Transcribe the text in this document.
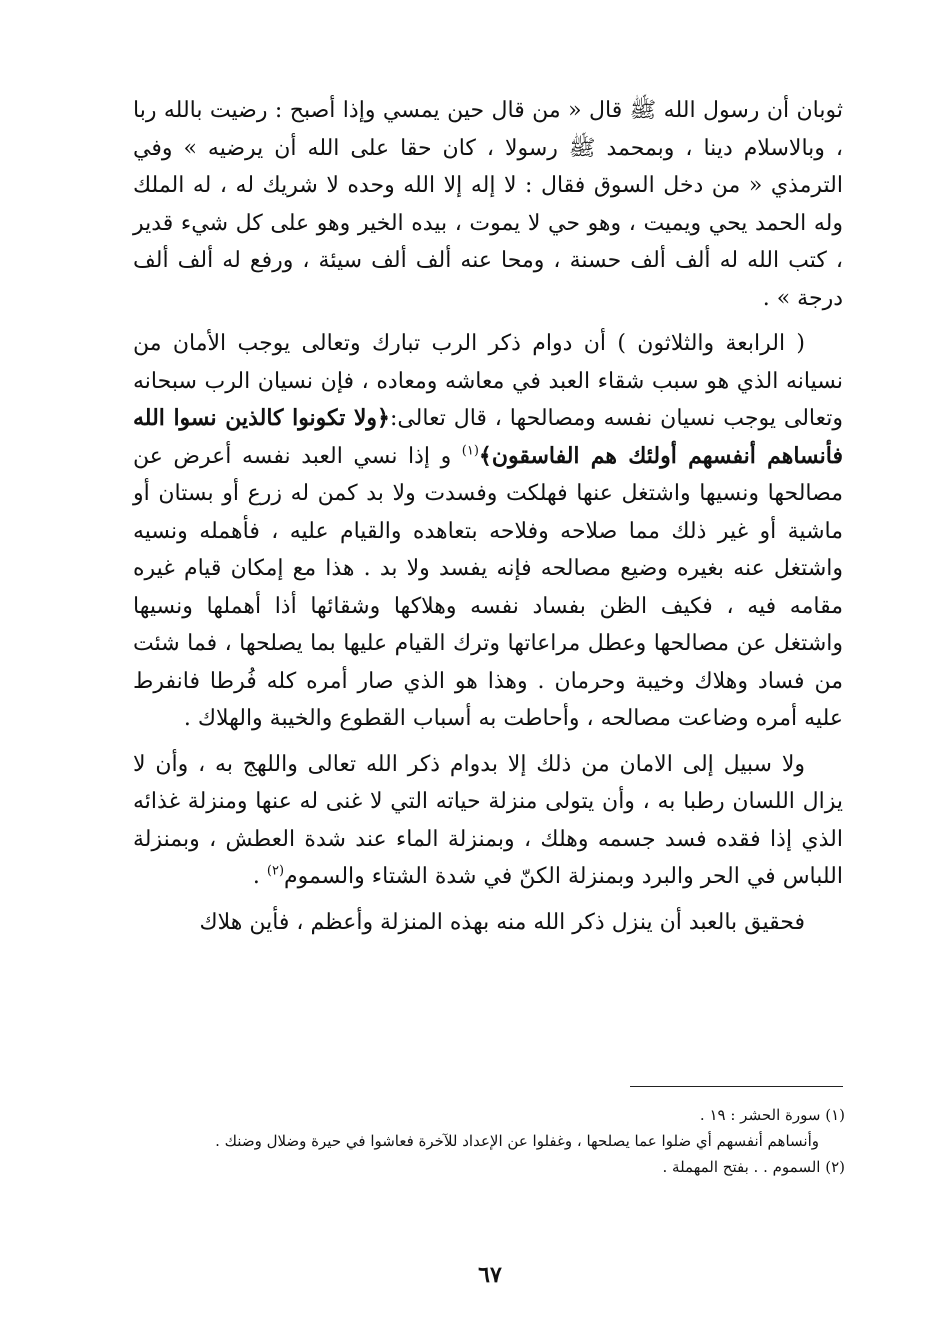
ثوبان أن رسول الله ﷺ قال « من قال حين يمسي وإذا أصبح : رضيت بالله ربا ، وبالاسلام دينا ، وبمحمد ﷺ رسولا ، كان حقا على الله أن يرضيه » وفي الترمذي « من دخل السوق فقال : لا إله إلا الله وحده لا شريك له ، له الملك وله الحمد يحي ويميت ، وهو حي لا يموت ، بيده الخير وهو على كل شيء قدير ، كتب الله له ألف ألف حسنة ، ومحا عنه ألف ألف سيئة ، ورفع له ألف ألف درجة » .

( الرابعة والثلاثون ) أن دوام ذكر الرب تبارك وتعالى يوجب الأمان من نسيانه الذي هو سبب شقاء العبد في معاشه ومعاده ، فإن نسيان الرب سبحانه وتعالى يوجب نسيان نفسه ومصالحها ، قال تعالى:﴿ولا تكونوا كالذين نسوا الله فأنساهم أنفسهم أولئك هم الفاسقون﴾$^{(١)}$ و إذا نسي العبد نفسه أعرض عن مصالحها ونسيها واشتغل عنها فهلكت وفسدت ولا بد كمن له زرع أو بستان أو ماشية أو غير ذلك مما صلاحه وفلاحه بتعاهده والقيام عليه ، فأهمله ونسيه واشتغل عنه بغيره وضيع مصالحه فإنه يفسد ولا بد . هذا مع إمكان قيام غيره مقامه فيه ، فكيف الظن بفساد نفسه وهلاكها وشقائها أذا أهملها ونسيها واشتغل عن مصالحها وعطل مراعاتها وترك القيام عليها بما يصلحها ، فما شئت من فساد وهلاك وخيبة وحرمان . وهذا هو الذي صار أمره كله فُرطا فانفرط عليه أمره وضاعت مصالحه ، وأحاطت به أسباب القطوع والخيبة والهلاك .

ولا سبيل إلى الامان من ذلك إلا بدوام ذكر الله تعالى واللهج به ، وأن لا يزال اللسان رطبا به ، وأن يتولى منزلة حياته التي لا غنى له عنها ومنزلة غذائه الذي إذا فقده فسد جسمه وهلك ، وبمنزلة الماء عند شدة العطش ، وبمنزلة اللباس في الحر والبرد وبمنزلة الكنّ في شدة الشتاء والسموم$^{(٢)}$ .

فحقيق بالعبد أن ينزل ذكر الله منه بهذه المنزلة وأعظم ، فأين هلاك

(١) سورة الحشر : ١٩ .

وأنساهم أنفسهم أي ضلوا عما يصلحها ، وغفلوا عن الإعداد للآخرة فعاشوا في حيرة وضلال وضنك .

(٢) السموم . . بفتح المهملة .

٦٧
